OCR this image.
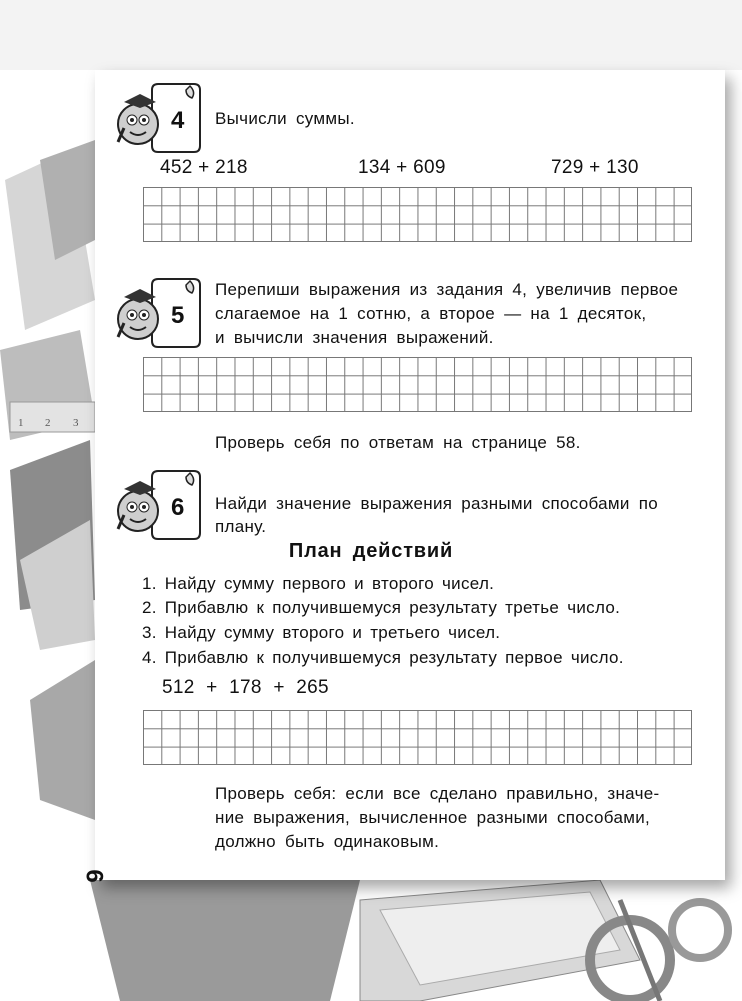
1 2 3
4
5
6
Вычисли суммы.
452 + 218	134 + 609	729 + 130
Перепиши выражения из задания 4, увеличив первое
слагаемое на 1 сотню, а второе — на 1 десяток,
и вычисли значения выражений.
Проверь себя по ответам на странице 58.
Найди значение выражения разными способами по
плану.
План действий
1. Найду сумму первого и второго чисел.
2. Прибавлю к получившемуся результату третье число.
3. Найду сумму второго и третьего чисел.
4. Прибавлю к получившемуся результату первое число.
512 + 178 + 265
Проверь себя: если все сделано правильно, значе-
ние выражения, вычисленное разными способами,
должно быть одинаковым.
6
